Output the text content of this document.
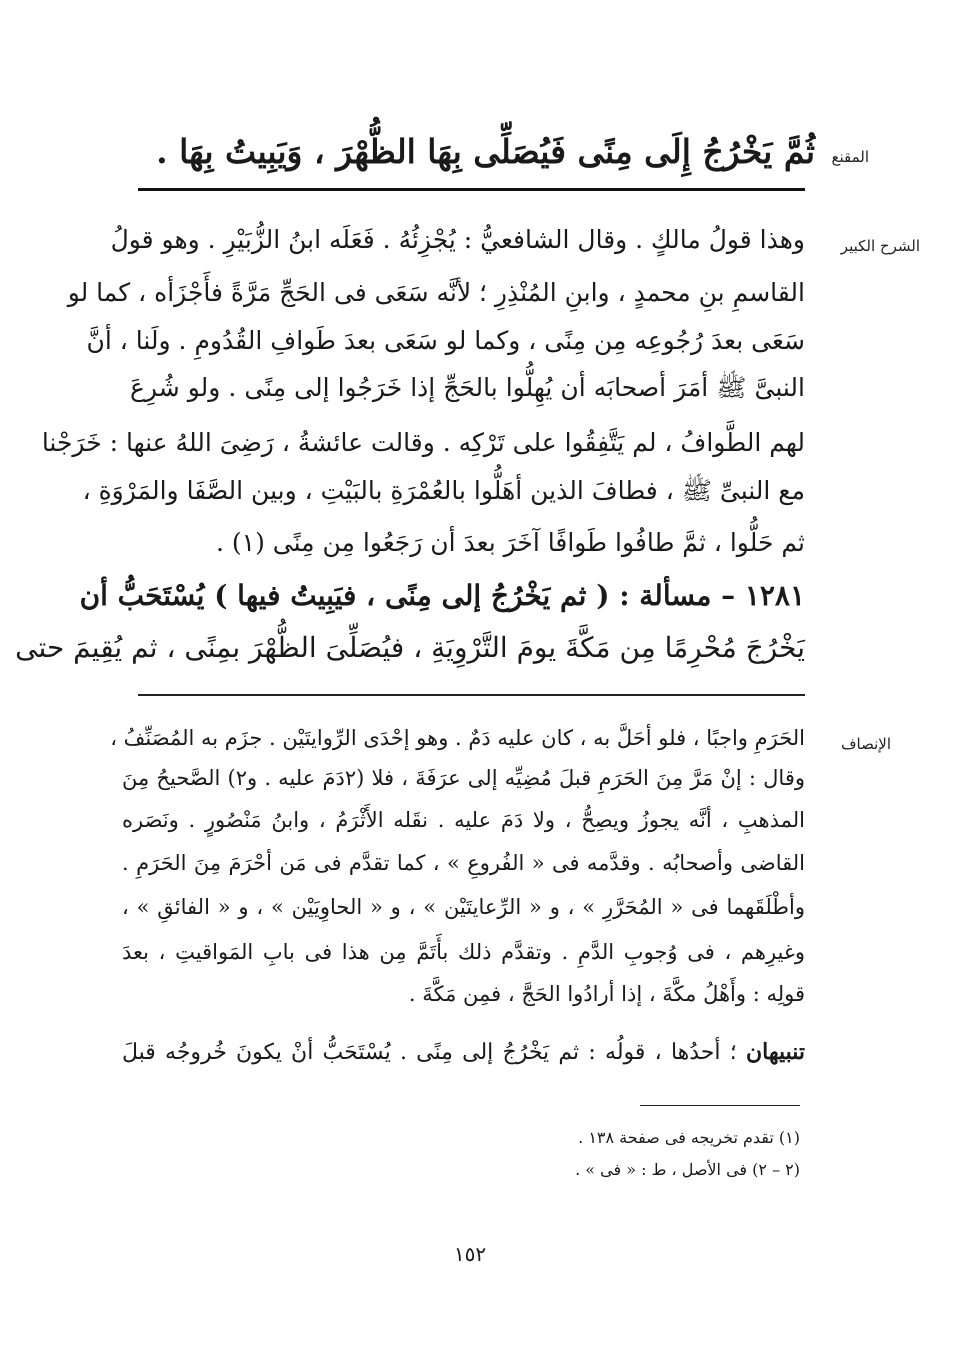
المقنع
ثُمَّ يَخْرُجُ إِلَى مِنًى فَيُصَلِّى بِهَا الظُّهْرَ ، وَيَبِيتُ بِهَا .
الشرح الكبير
وهذا قولُ مالكٍ . وقال الشافعيُّ : يُجْزِئُهُ . فَعَلَه ابنُ الزُّبَيْرِ . وهو قولُ
القاسمِ بنِ محمدٍ ، وابنِ المُنْذِرِ ؛ لأنَّه سَعَى فى الحَجِّ مَرَّةً فأَجْزَأه ، كما لو
سَعَى بعدَ رُجُوعِه مِن مِنًى ، وكما لو سَعَى بعدَ طَوافِ القُدُومِ . ولَنا ، أنَّ
النبىَّ ﷺ أمَرَ أصحابَه أن يُهِلُّوا بالحَجِّ إذا خَرَجُوا إلى مِنًى . ولو شُرِعَ
لهم الطَّوافُ ، لم يَتَّفِقُوا على تَرْكِه . وقالت عائشةُ ، رَضِىَ اللهُ عنها : خَرَجْنا
مع النبىِّ ﷺ ، فطافَ الذين أهَلُّوا بالعُمْرَةِ بالبَيْتِ ، وبين الصَّفَا والمَرْوَةِ ،
ثم حَلُّوا ، ثمَّ طافُوا طَوافًا آخَرَ بعدَ أن رَجَعُوا مِن مِنًى (١) .
١٢٨١ – مسألة : ( ثم يَخْرُجُ إلى مِنًى ، فيَبِيتُ فيها ) يُسْتَحَبُّ أن
يَخْرُجَ مُحْرِمًا مِن مَكَّةَ يومَ التَّرْوِيَةِ ، فيُصَلِّىَ الظُّهْرَ بمِنًى ، ثم يُقِيمَ حتى
الإنصاف
الحَرَمِ واجبًا ، فلو أحَلَّ به ، كان عليه دَمٌ . وهو إحْدَى الرِّوايتَيْن . جزَم به المُصَنِّفُ ،
وقال : إنْ مَرَّ مِنَ الحَرَمِ قبلَ مُضِيِّه إلى عرَفَةَ ، فلا (٢دَمَ عليه . و٢) الصَّحيحُ مِنَ
المذهبِ ، أنَّه يجوزُ ويصِحُّ ، ولا دَمَ عليه . نقَله الأَثْرَمُ ، وابنُ مَنْصُورٍ . ونَصَره
القاضى وأصحابُه . وقدَّمه فى « الفُروعِ » ، كما تقدَّم فى مَن أحْرَمَ مِنَ الحَرَمِ .
وأطْلَقَهما فى « المُحَرَّرِ » ، و « الرِّعايتَيْن » ، و « الحاوِيَيْن » ، و « الفائقِ » ،
وغيرِهم ، فى وُجوبِ الدَّمِ . وتقدَّم ذلك بأَتَمَّ مِن هذا فى بابِ المَواقيتِ ، بعدَ
قولِه : وأَهْلُ مكَّةَ ، إذا أرادُوا الحَجَّ ، فمِن مَكَّةَ .
تنبيهان ؛ أحدُها ، قولُه : ثم يَخْرُجُ إلى مِنًى . يُسْتَحَبُّ أنْ يكونَ خُروجُه قبلَ
(١) تقدم تخريجه فى صفحة ١٣٨ .
(٢ – ٢) فى الأصل ، ط : « فى » .
١٥٢
